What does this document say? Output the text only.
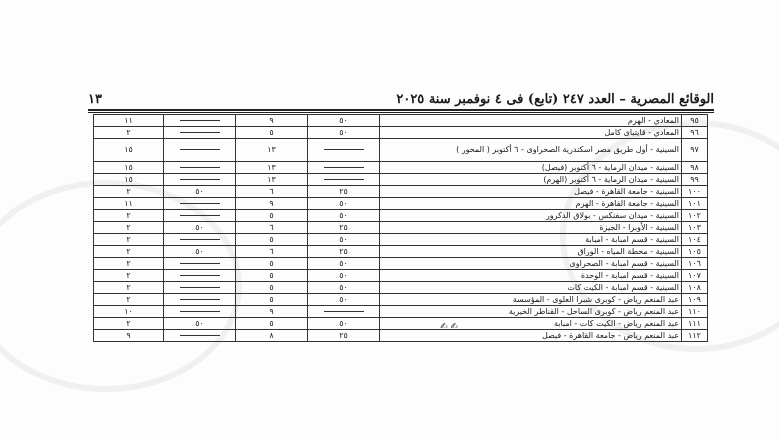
الوقائع المصرية – العدد ٢٤٧ (تابع) فى ٤ نوفمبر سنة ٢٠٢٥
١٣
٩٥	المعادي - الهرم	٥٠	٩		١١
٩٦	المعادي - قايتباى كامل	٥٠	٥		٢
٩٧	السينية - أول طريق مصر اسكندرية الصحراوى - ٦ أكتوبر ( المحور )		١٣		١٥
٩٨	السينية - ميدان الرماية - ٦ أكتوبر (فيصل)		١٣		١٥
٩٩	السينية - ميدان الرماية - ٦ أكتوبر (الهرم)		١٣		١٥
١٠٠	السينية - جامعة القاهرة - فيصل	٢٥	٦	٥٠	٢
١٠١	السينية - جامعة القاهرة - الهرم	٥٠	٩		١١
١٠٢	السينية - ميدان سفنكس - بولاق الدكرور	٥٠	٥		٢
١٠٣	السينية - الأوبرا - الجيزة	٢٥	٦	٥٠	٢
١٠٤	السينية - قسم امبابة - امبابة	٥٠	٥		٢
١٠٥	السينية - محطة المياه - الوراق	٢٥	٦	٥٠	٢
١٠٦	السينية - قسم امبابة - الصحراوى	٥٠	٥		٢
١٠٧	السينية - قسم امبابة - الوحدة	٥٠	٥		٢
١٠٨	السينية - قسم امبابة - الكيت كات	٥٠	٥		٢
١٠٩	عبد المنعم رياض - كوبرى شبرا العلوى - المؤسسة	٥٠	٥		٢
١١٠	عبد المنعم رياض - كوبرى الساحل - القناطر الخيرية		٩		١٠
١١١	عبد المنعم رياض - الكيت كات - امبابة	٥٠	٥	٥٠	٢
١١٢	عبد المنعم رياض - جامعة القاهرة - فيصل	٢٥	٨		٩
✍ ✍
